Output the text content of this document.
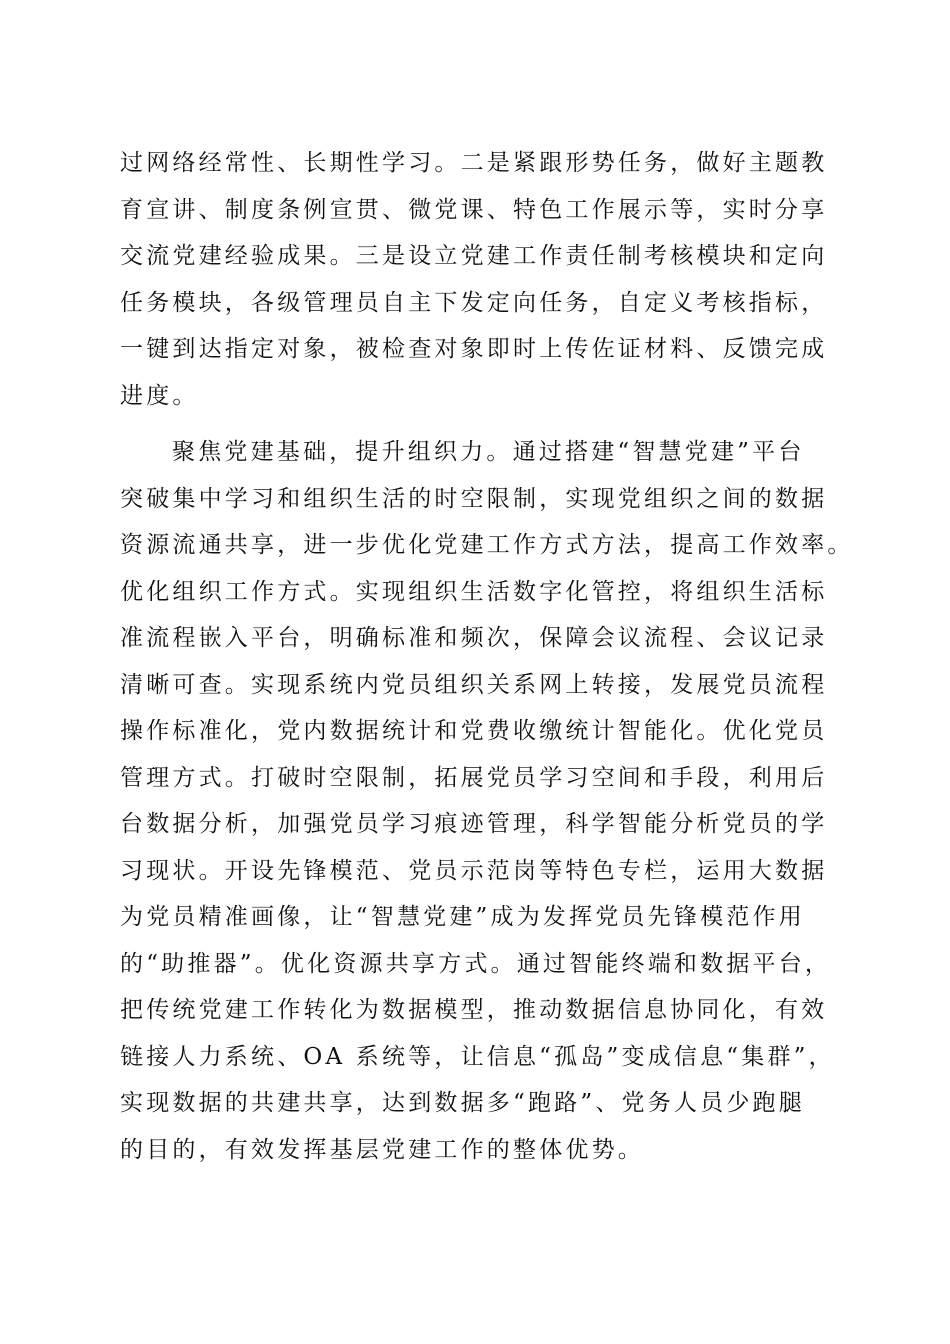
过网络经常性、长期性学习。二是紧跟形势任务，做好主题教
育宣讲、制度条例宣贯、微党课、特色工作展示等，实时分享
交流党建经验成果。三是设立党建工作责任制考核模块和定向
任务模块，各级管理员自主下发定向任务，自定义考核指标，
一键到达指定对象，被检查对象即时上传佐证材料、反馈完成
进度。
聚焦党建基础，提升组织力。通过搭建“智慧党建”平台
突破集中学习和组织生活的时空限制，实现党组织之间的数据
资源流通共享，进一步优化党建工作方式方法，提高工作效率。
优化组织工作方式。实现组织生活数字化管控，将组织生活标
准流程嵌入平台，明确标准和频次，保障会议流程、会议记录
清晰可查。实现系统内党员组织关系网上转接，发展党员流程
操作标准化，党内数据统计和党费收缴统计智能化。优化党员
管理方式。打破时空限制，拓展党员学习空间和手段，利用后
台数据分析，加强党员学习痕迹管理，科学智能分析党员的学
习现状。开设先锋模范、党员示范岗等特色专栏，运用大数据
为党员精准画像，让“智慧党建”成为发挥党员先锋模范作用
的“助推器”。优化资源共享方式。通过智能终端和数据平台，
把传统党建工作转化为数据模型，推动数据信息协同化，有效
链接人力系统、OA 系统等，让信息“孤岛”变成信息“集群”，
实现数据的共建共享，达到数据多“跑路”、党务人员少跑腿
的目的，有效发挥基层党建工作的整体优势。
